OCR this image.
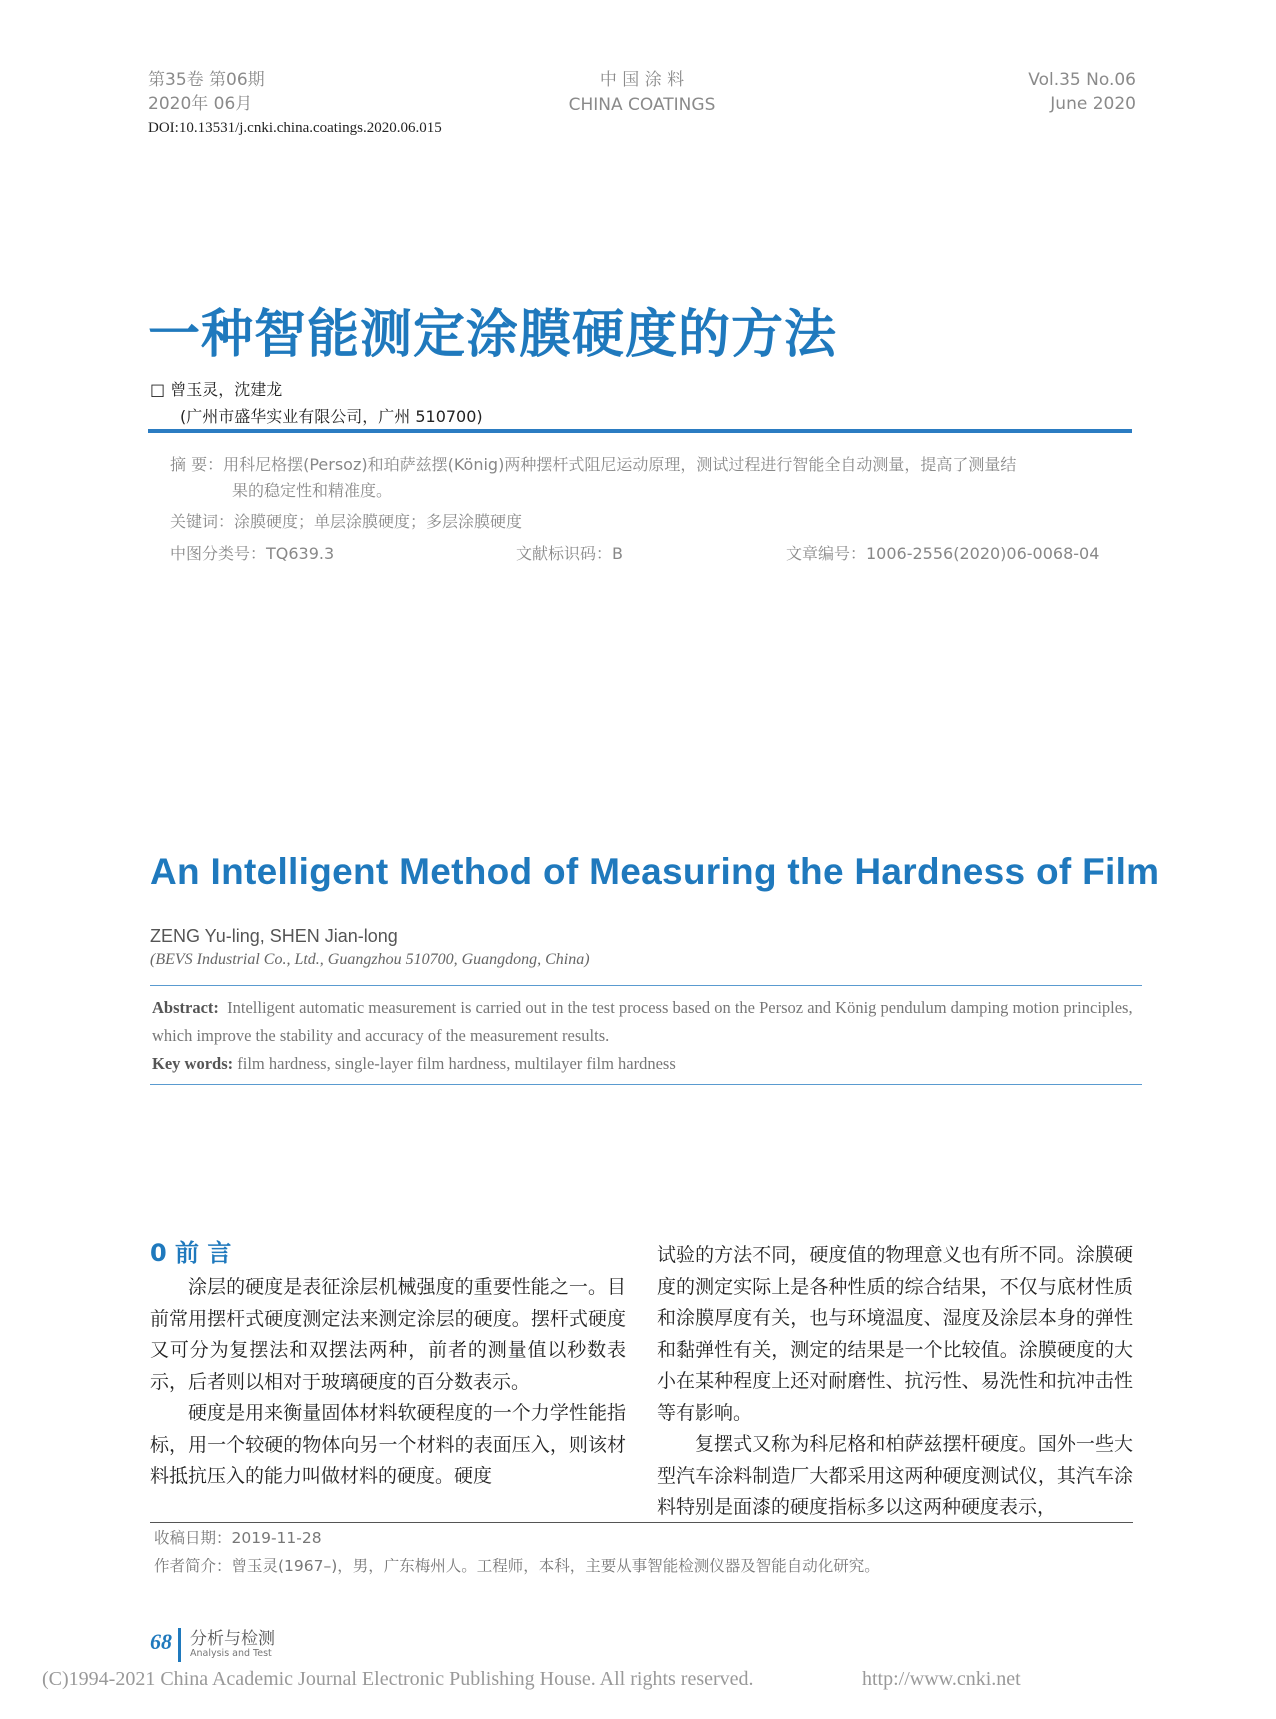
第35卷 第06期
2020年 06月
中 国 涂 料
CHINA COATINGS
Vol.35 No.06
June 2020
DOI:10.13531/j.cnki.china.coatings.2020.06.015
一种智能测定涂膜硬度的方法
□ 曾玉灵，沈建龙
(广州市盛华实业有限公司，广州 510700)
摘 要：用科尼格摆(Persoz)和珀萨兹摆(König)两种摆杆式阻尼运动原理，测试过程进行智能全自动测量，提高了测量结
果的稳定性和精准度。
关键词：涂膜硬度；单层涂膜硬度；多层涂膜硬度
中图分类号：TQ639.3	文献标识码：B	文章编号：1006-2556(2020)06-0068-04
An Intelligent Method of Measuring the Hardness of Film
ZENG Yu-ling, SHEN Jian-long
(BEVS Industrial Co., Ltd., Guangzhou 510700, Guangdong, China)
Abstract: Intelligent automatic measurement is carried out in the test process based on the Persoz and König pendulum damping motion principles, which improve the stability and accuracy of the measurement results.
Key words: film hardness, single-layer film hardness, multilayer film hardness
0 前 言

涂层的硬度是表征涂层机械强度的重要性能之一。目前常用摆杆式硬度测定法来测定涂层的硬度。摆杆式硬度又可分为复摆法和双摆法两种，前者的测量值以秒数表示，后者则以相对于玻璃硬度的百分数表示。

硬度是用来衡量固体材料软硬程度的一个力学性能指标，用一个较硬的物体向另一个材料的表面压入，则该材料抵抗压入的能力叫做材料的硬度。硬度

试验的方法不同，硬度值的物理意义也有所不同。涂膜硬度的测定实际上是各种性质的综合结果，不仅与底材性质和涂膜厚度有关，也与环境温度、湿度及涂层本身的弹性和黏弹性有关，测定的结果是一个比较值。涂膜硬度的大小在某种程度上还对耐磨性、抗污性、易洗性和抗冲击性等有影响。

复摆式又称为科尼格和柏萨兹摆杆硬度。国外一些大型汽车涂料制造厂大都采用这两种硬度测试仪，其汽车涂料特别是面漆的硬度指标多以这两种硬度表示，

收稿日期：2019-11-28
作者简介：曾玉灵(1967–)，男，广东梅州人。工程师，本科，主要从事智能检测仪器及智能自动化研究。
68 分析与检测
Analysis and Test
(C)1994-2021 China Academic Journal Electronic Publishing House. All rights reserved.	http://www.cnki.net
